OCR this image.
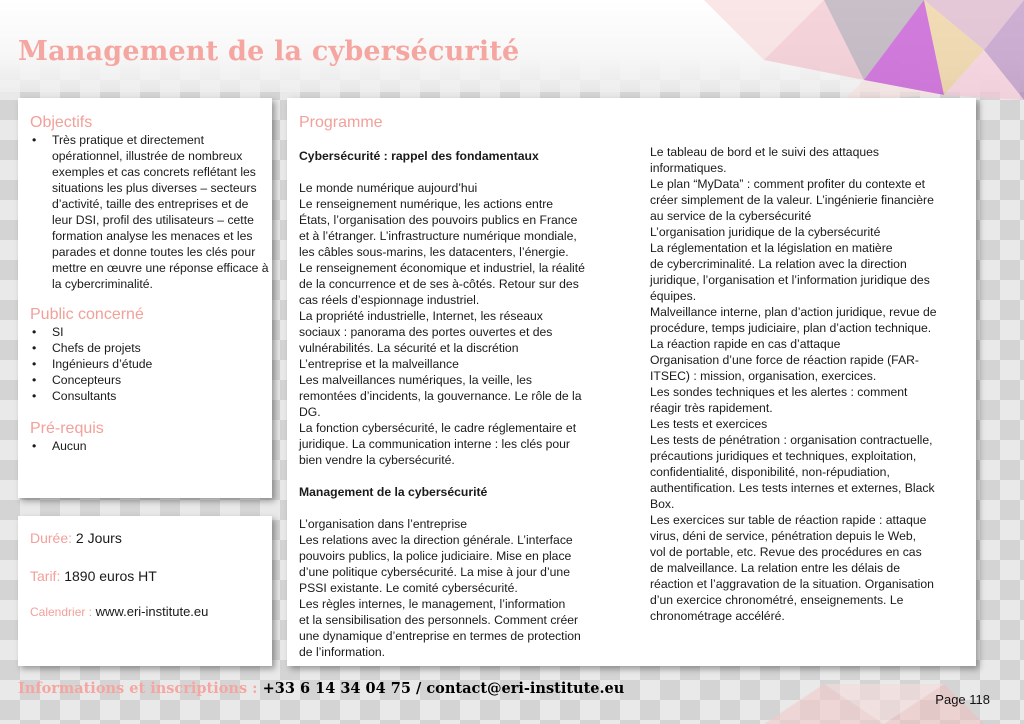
Management de la cybersécurité
Objectifs
• Très pratique et directement opérationnel, illustrée de nombreux exemples et cas concrets reflétant les situations les plus diverses – secteurs d’activité, taille des entreprises et de leur DSI, profil des utilisateurs – cette formation analyse les menaces et les parades et donne toutes les clés pour mettre en œuvre une réponse efficace à la cybercriminalité.
Public concerné
• SI
• Chefs de projets
• Ingénieurs d’étude
• Concepteurs
• Consultants
Pré-requis
• Aucun
Durée: 2 Jours
Tarif: 1890 euros HT
Calendrier : www.eri-institute.eu
Programme
Cybersécurité : rappel des fondamentaux
Le monde numérique aujourd’hui
Le renseignement numérique, les actions entre
États, l’organisation des pouvoirs publics en France
et à l’étranger. L’infrastructure numérique mondiale,
les câbles sous-marins, les datacenters, l’énergie.
Le renseignement économique et industriel, la réalité
de la concurrence et de ses à-côtés. Retour sur des
cas réels d’espionnage industriel.
La propriété industrielle, Internet, les réseaux
sociaux : panorama des portes ouvertes et des
vulnérabilités. La sécurité et la discrétion
L’entreprise et la malveillance
Les malveillances numériques, la veille, les
remontées d’incidents, la gouvernance. Le rôle de la
DG.
La fonction cybersécurité, le cadre réglementaire et
juridique. La communication interne : les clés pour
bien vendre la cybersécurité.
Management de la cybersécurité
L’organisation dans l’entreprise
Les relations avec la direction générale. L’interface
pouvoirs publics, la police judiciaire. Mise en place
d’une politique cybersécurité. La mise à jour d’une
PSSI existante. Le comité cybersécurité.
Les règles internes, le management, l’information
et la sensibilisation des personnels. Comment créer
une dynamique d’entreprise en termes de protection
de l’information.
Le tableau de bord et le suivi des attaques
informatiques.
Le plan “MyData” : comment profiter du contexte et
créer simplement de la valeur. L’ingénierie financière
au service de la cybersécurité
L’organisation juridique de la cybersécurité
La réglementation et la législation en matière
de cybercriminalité. La relation avec la direction
juridique, l’organisation et l’information juridique des
équipes.
Malveillance interne, plan d’action juridique, revue de
procédure, temps judiciaire, plan d’action technique.
La réaction rapide en cas d’attaque
Organisation d’une force de réaction rapide (FAR-
ITSEC) : mission, organisation, exercices.
Les sondes techniques et les alertes : comment
réagir très rapidement.
Les tests et exercices
Les tests de pénétration : organisation contractuelle,
précautions juridiques et techniques, exploitation,
confidentialité, disponibilité, non-répudiation,
authentification. Les tests internes et externes, Black
Box.
Les exercices sur table de réaction rapide : attaque
virus, déni de service, pénétration depuis le Web,
vol de portable, etc. Revue des procédures en cas
de malveillance. La relation entre les délais de
réaction et l’aggravation de la situation. Organisation
d’un exercice chronométré, enseignements. Le
chronométrage accéléré.
Informations et inscriptions : +33 6 14 34 04 75 / contact@eri-institute.eu
Page 118
